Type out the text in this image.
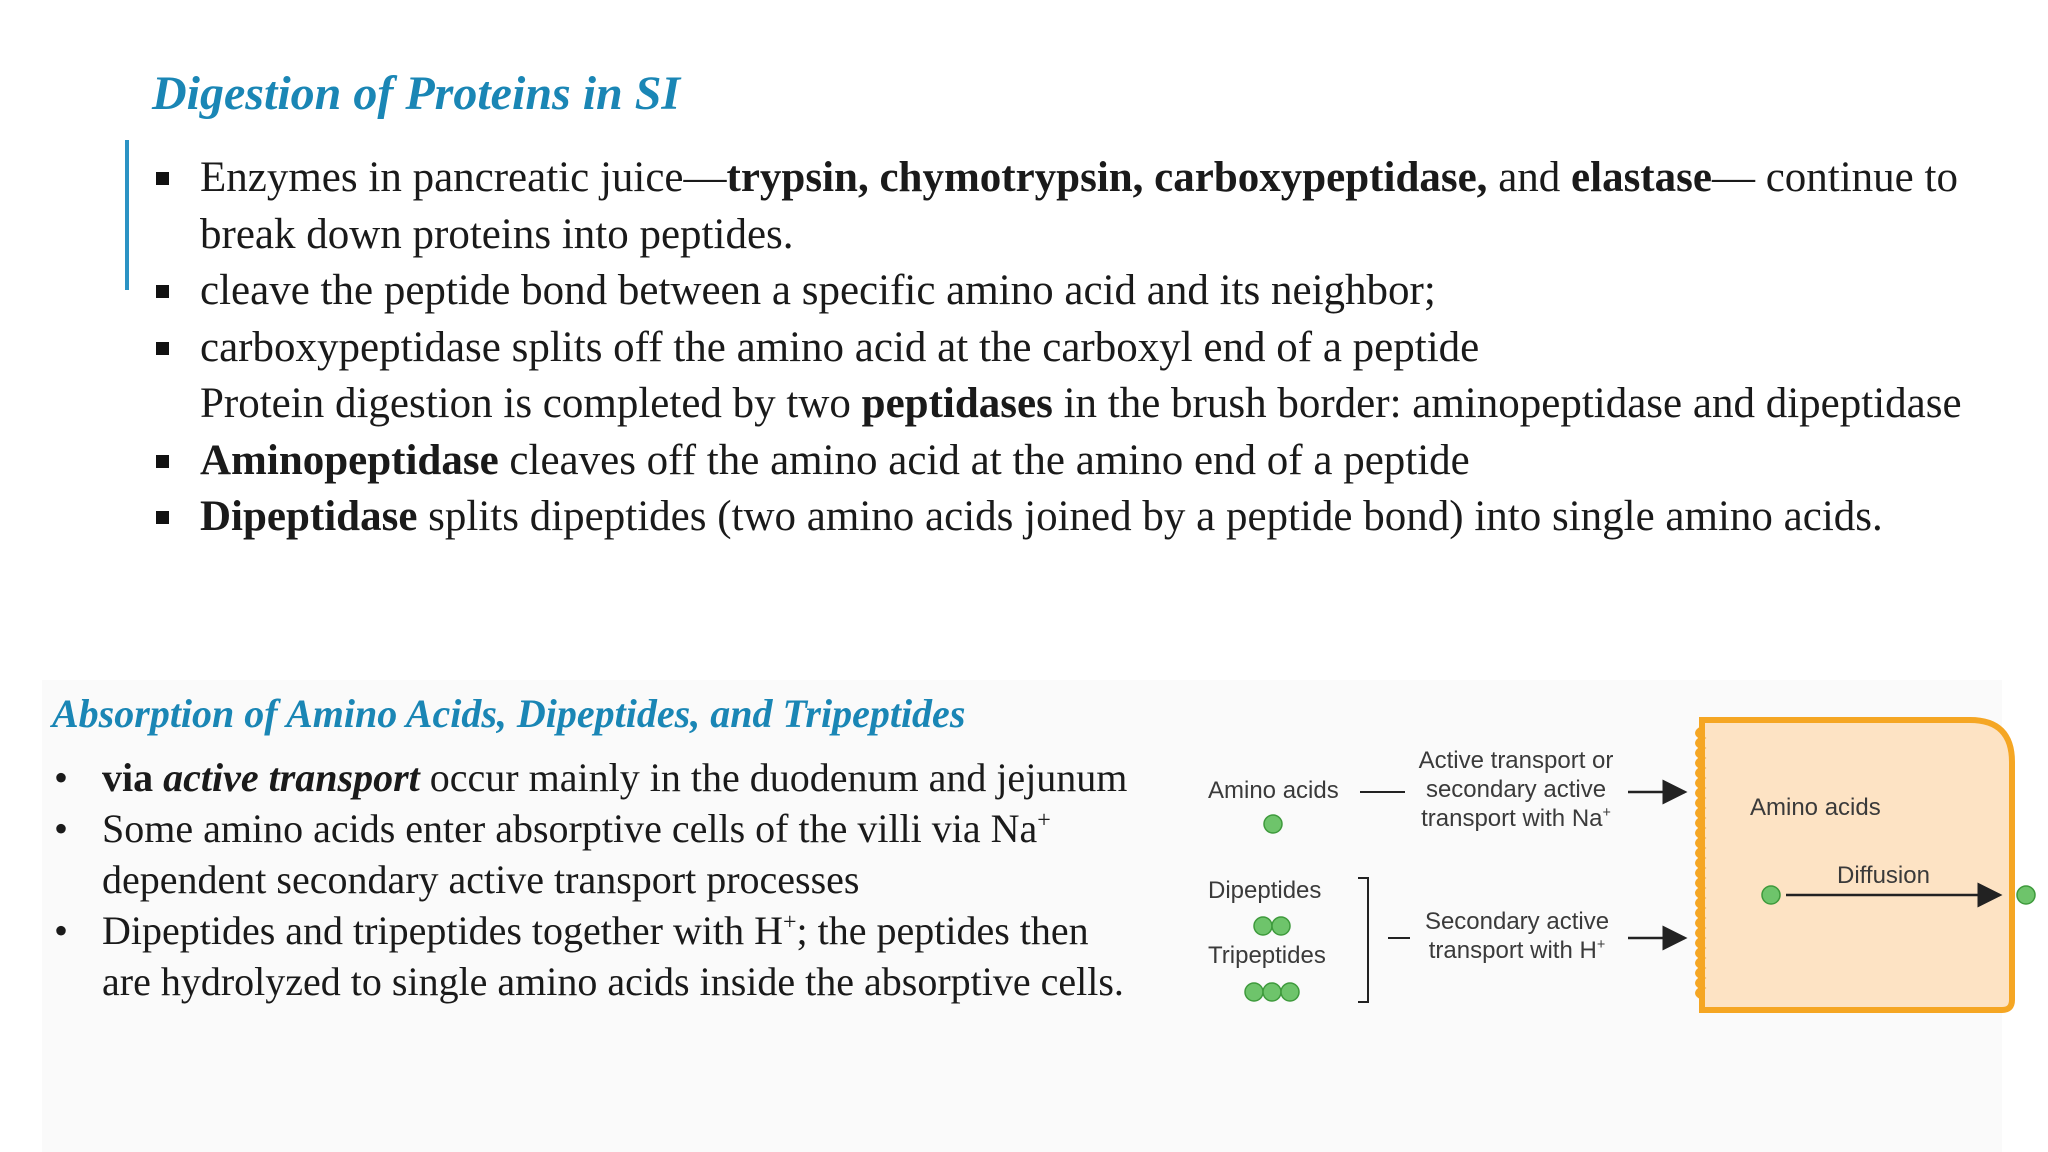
Digestion of Proteins in SI
Enzymes in pancreatic juice—trypsin, chymotrypsin, carboxypeptidase, and elastase— continue to break down proteins into peptides.
cleave the peptide bond between a specific amino acid and its neighbor;
carboxypeptidase splits off the amino acid at the carboxyl end of a peptide
Protein digestion is completed by two peptidases in the brush border: aminopeptidase and dipeptidase
Aminopeptidase cleaves off the amino acid at the amino end of a peptide
Dipeptidase splits dipeptides (two amino acids joined by a peptide bond) into single amino acids.
Absorption of Amino Acids, Dipeptides, and Tripeptides
• via active transport occur mainly in the duodenum and jejunum
• Some amino acids enter absorptive cells of the villi via Na+ dependent secondary active transport processes
• Dipeptides and tripeptides together with H+; the peptides then are hydrolyzed to single amino acids inside the absorptive cells.
Amino acids
Active transport or
secondary active
transport with Na+
Dipeptides
Tripeptides
Secondary active
transport with H+
Amino acids
Diffusion
